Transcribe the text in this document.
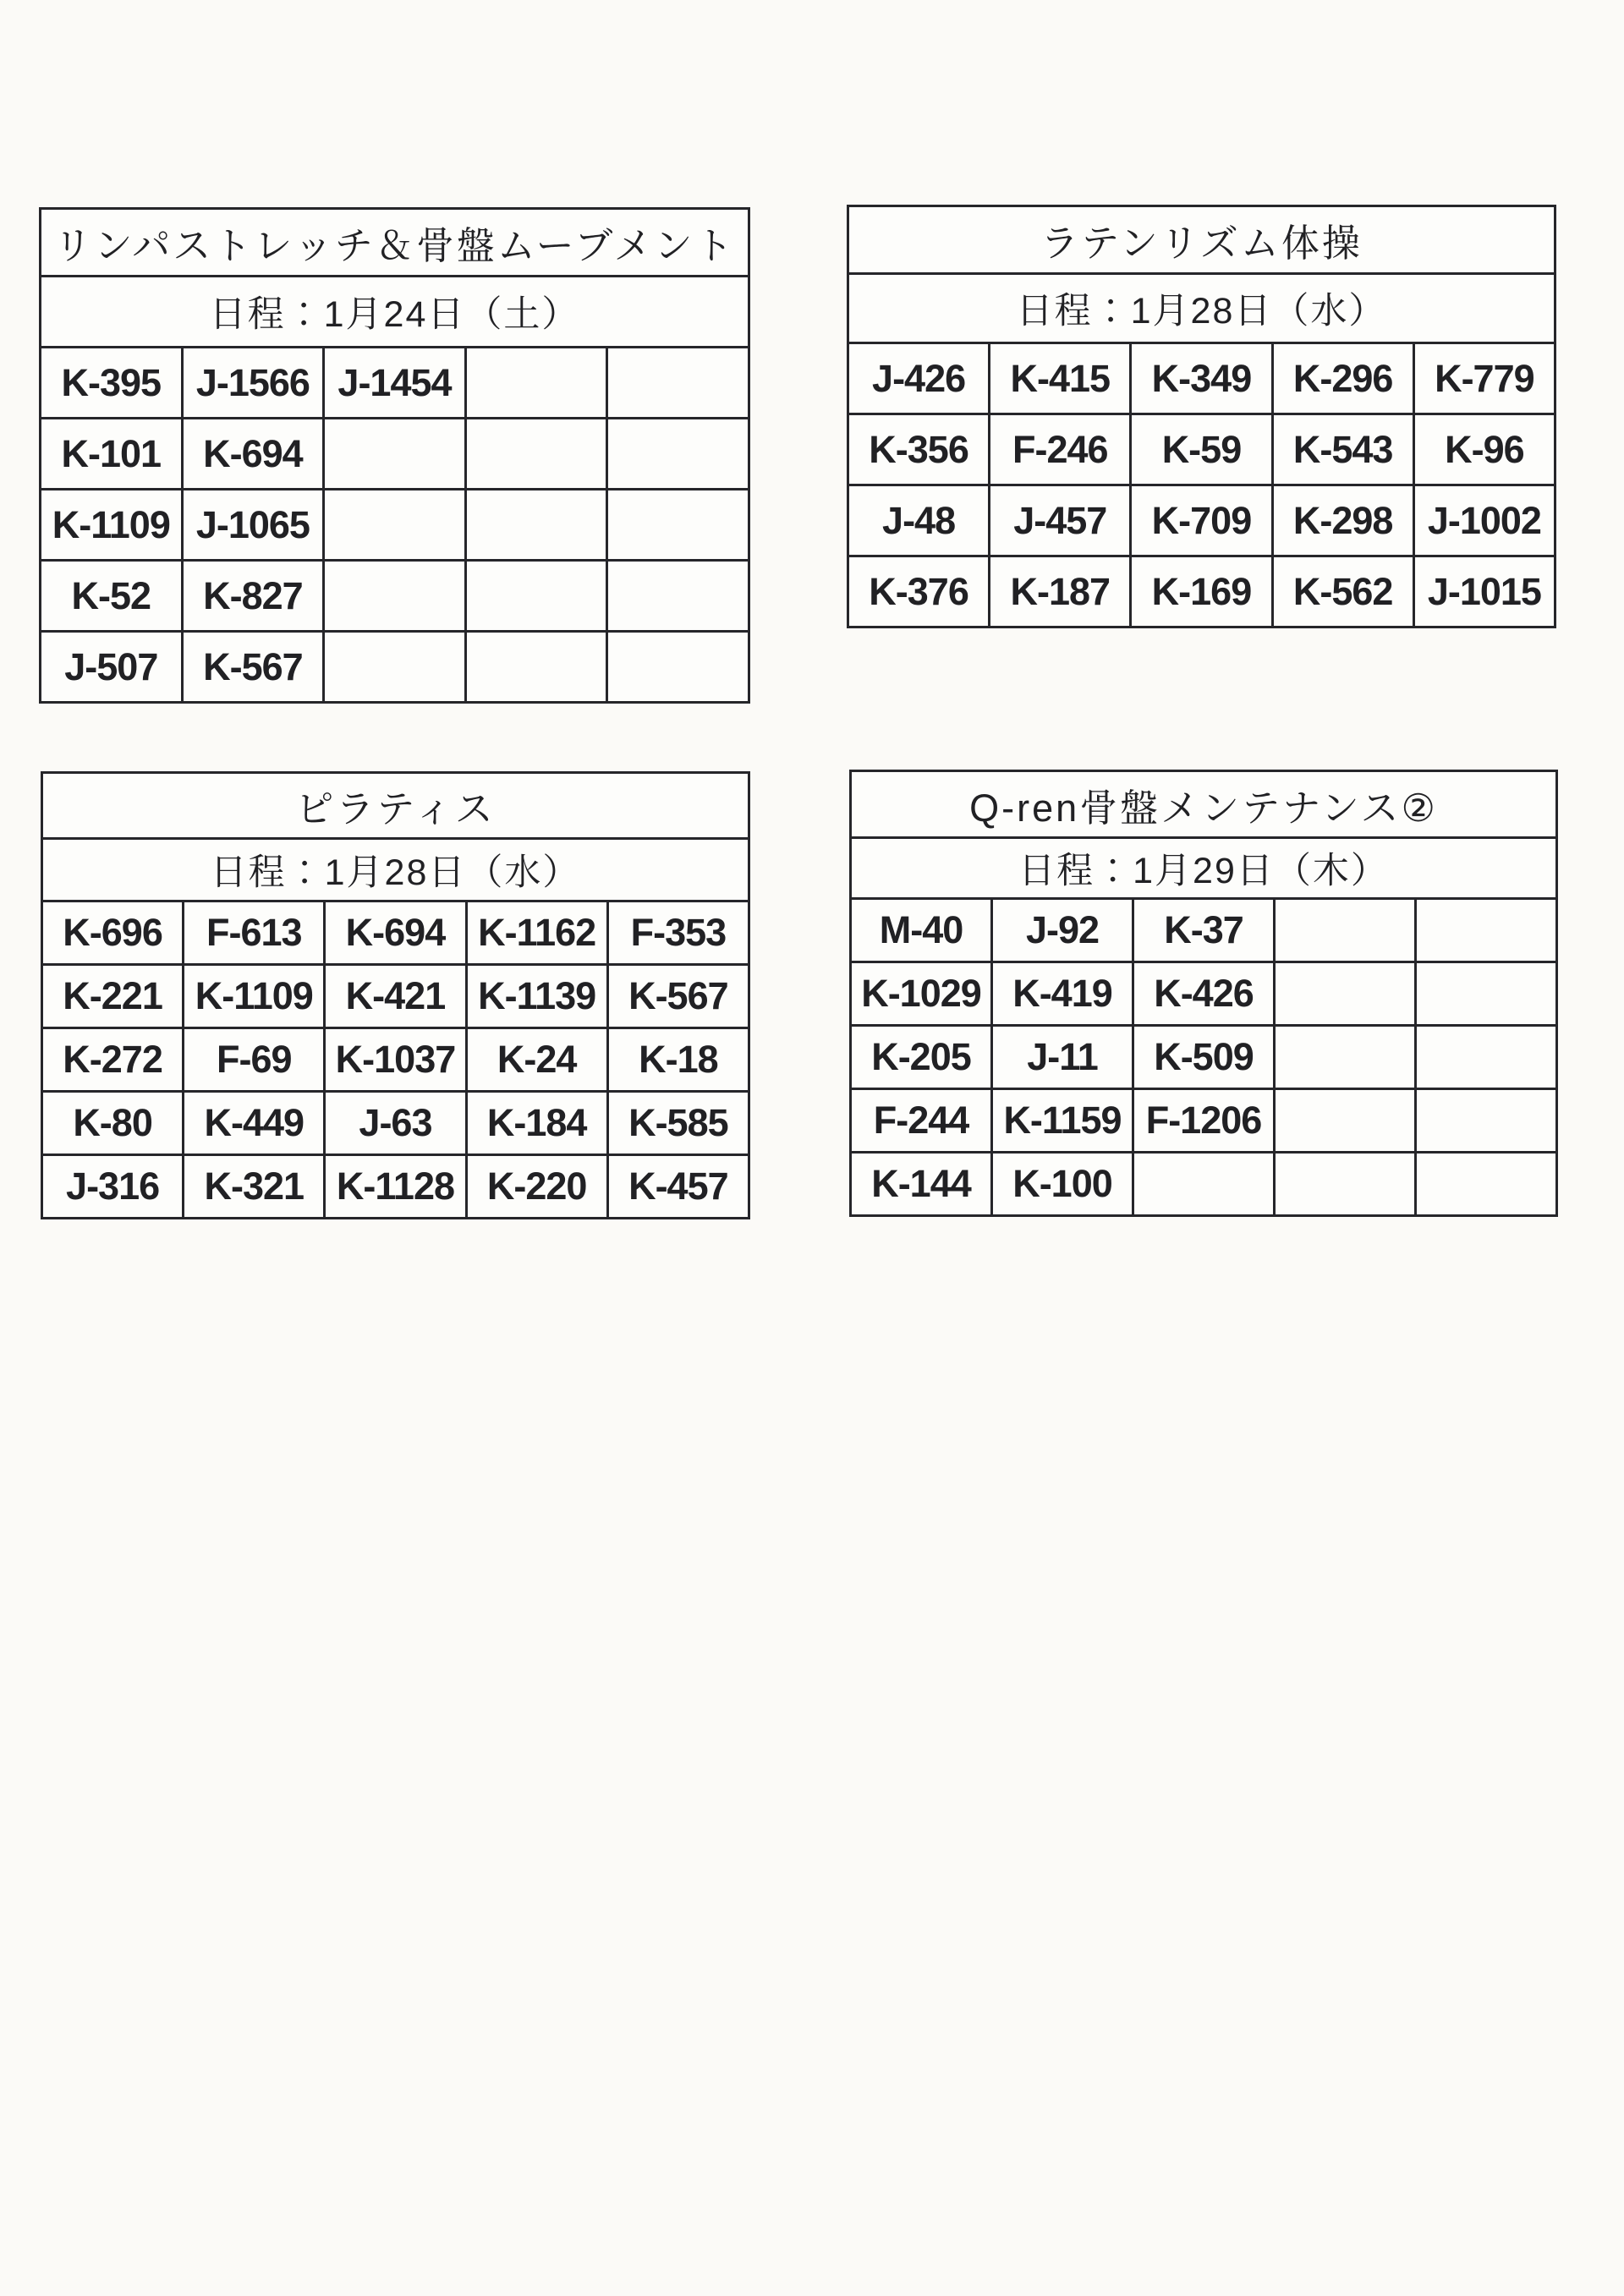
リンパストレッチ＆骨盤ムーブメント				
日程：1月24日（土）				
K-395	J-1566	J-1454		
K-101	K-694			
K-1109	J-1065			
K-52	K-827			
J-507	K-567			
ラテンリズム体操				
日程：1月28日（水）				
J-426	K-415	K-349	K-296	K-779
K-356	F-246	K-59	K-543	K-96
J-48	J-457	K-709	K-298	J-1002
K-376	K-187	K-169	K-562	J-1015
ピラティス				
日程：1月28日（水）				
K-696	F-613	K-694	K-1162	F-353
K-221	K-1109	K-421	K-1139	K-567
K-272	F-69	K-1037	K-24	K-18
K-80	K-449	J-63	K-184	K-585
J-316	K-321	K-1128	K-220	K-457
Q-ren骨盤メンテナンス②				
日程：1月29日（木）				
M-40	J-92	K-37		
K-1029	K-419	K-426		
K-205	J-11	K-509		
F-244	K-1159	F-1206		
K-144	K-100			
